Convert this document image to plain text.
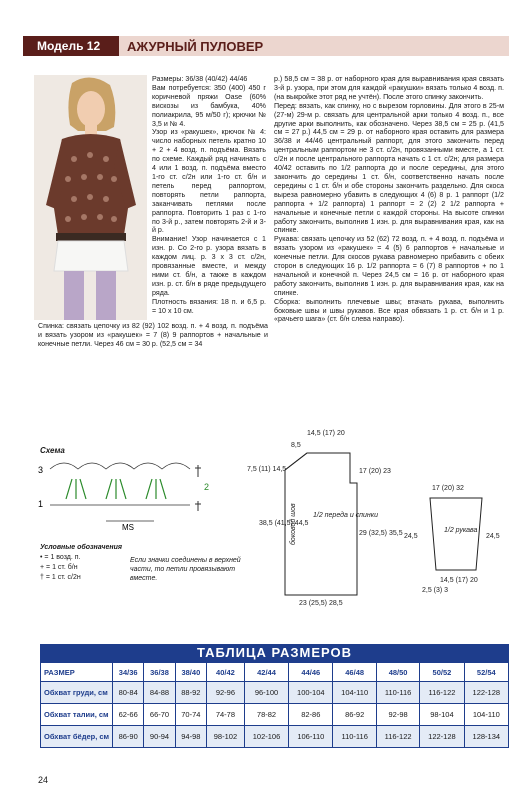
Модель 12	АЖУРНЫЙ ПУЛОВЕР

Размеры: 36/38 (40/42) 44/46

Вам потребуется: 350 (400) 450 г коричневой пряжи Oase (60% вискозы из бамбука, 40% полиакрила, 95 м/50 г); крючки № 3,5 и № 4.

Узор из «ракушек», крючок № 4: число наборных петель кратно 10 + 2 + 4 возд. п. подъёма. Вязать по схеме. Каждый ряд начинать с 4 или 1 возд. п. подъёма вместо 1-го ст. с/2н или 1-го ст. б/н и петель перед раппортом, повторять петли раппорта, заканчивать петлями после раппорта. Повторить 1 раз с 1-го по 3-й р., затем повторять 2-й и 3-й р.

Внимание! Узор начинается с 1 изн. р. Со 2-го р. узора вязать в каждом лиц. р. 3 х 3 ст. с/2н, провязанные вместе, и между ними ст. б/н, а также в каждом изн. р. ст. б/н в ряде предыдущего ряда.

Плотность вязания: 18 п. и 6,5 р. = 10 х 10 см.

р.) 58,5 см = 38 р. от наборного края для выравнивания края связать 3-й р. узора, при этом для каждой «ракушки» вязать только 4 возд. п. (на выкройке этот ряд не учтён). После этого спинку закончить.

Перед: вязать, как спинку, но с вырезом горловины. Для этого в 25-м (27-м) 29-м р. связать для центральной арки только 4 возд. п., все другие арки выполнить, как обозначено. Через 38,5 см = 25 р. (41,5 см = 27 р.) 44,5 см = 29 р. от наборного края оставить для размера 36/38 и 44/46 центральный раппорт, для этого закончить перед центральным раппортом не 3 ст. с/2н, провязанными вместе, а 1 ст. с/2н и после центрального раппорта начать с 1 ст. с/2н; для размера 40/42 оставить по 1/2 раппорта до и после середины, для этого закончить до середины 1 ст. б/н, соответственно начать после середины с 1 ст. б/н и обе стороны закончить раздельно. Для скоса выреза равномерно убавить в следующих 4 (6) 8 р. 1 раппорт (1/2 раппорта + 1/2 раппорта) 1 раппорт = 2 (2) 2 1/2 раппорта + начальные и конечные петли с каждой стороны. На высоте спинки работу закончить, выполнив 1 изн. р. для выравнивания края, как на спинке.

Рукава: связать цепочку из 52 (62) 72 возд. п. + 4 возд. п. подъёма и вязать узором из «ракушек» = 4 (5) 6 раппортов + начальные и конечные петли. Для скосов рукава равномерно прибавить с обеих сторон в следующих 16 р. 1/2 раппорта = 6 (7) 8 раппортов + по 1 начальной и конечной п. Через 24,5 см = 16 р. от наборного края работу закончить, выполнив 1 изн. р. для выравнивания края, как на спинке.

Сборка: выполнить плечевые швы; втачать рукава, выполнить боковые швы и швы рукавов. Все края обвязать 1 р. ст. б/н и 1 р. «рачьего шага» (ст. б/н слева направо).

Спинка: связать цепочку из 82 (92) 102 возд. п. + 4 возд. п. подъёма и вязать узором из «ракушек» = 7 (8) 9 раппортов + начальные и конечные петли. Через 46 см = 30 р. (52,5 см = 34
Схема
3
2
1
MS
Условные обозначения
• = 1 возд. п.
+ = 1 ст. б/н
† = 1 ст. с/2н
Если значки соединены в верхней части, то петли провязывают вместе.
14,5 (17) 20
8,5
7,5 (11) 14,5	17 (20) 23
38,5 (41,5) 44,5
29 (32,5) 35,5
23 (25,5) 28,5
1/2 переда и спинки
боковой шов
17 (20) 32
24,5	24,5
1/2 рукава
14,5 (17) 20
2,5 (3) 3
ТАБЛИЦА РАЗМЕРОВ
РАЗМЕР	34/36	36/38	38/40	40/42	42/44	44/46	46/48	48/50	50/52	52/54
Обхват груди, см	80-84	84-88	88-92	92-96	96-100	100-104	104-110	110-116	116-122	122-128
Обхват талии, см	62-66	66-70	70-74	74-78	78-82	82-86	86-92	92-98	98-104	104-110
Обхват бёдер, см	86-90	90-94	94-98	98-102	102-106	106-110	110-116	116-122	122-128	128-134
24
